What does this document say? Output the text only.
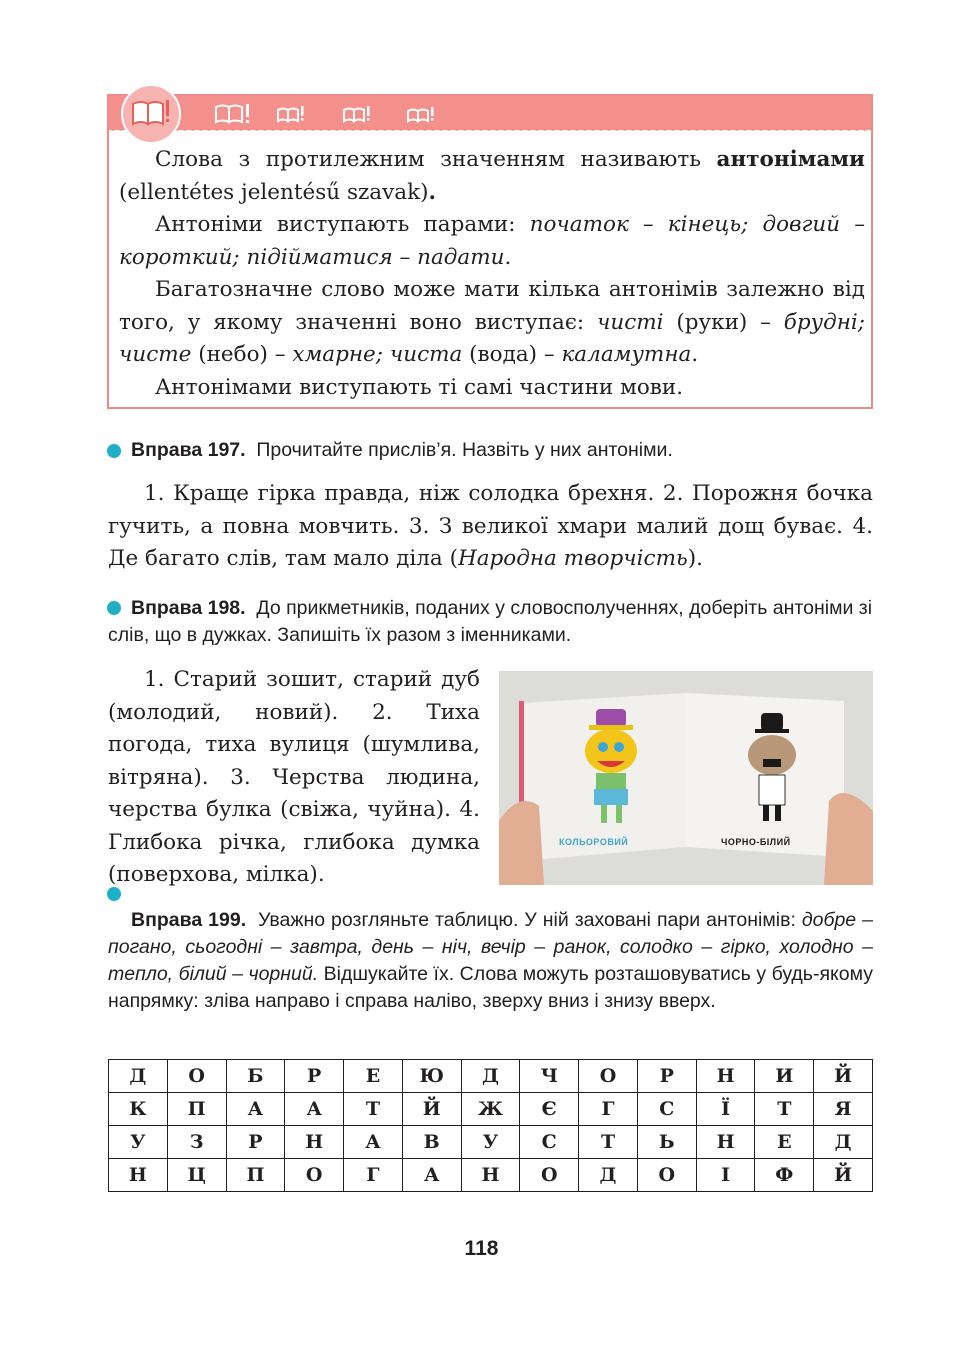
Слова з протилежним значенням називають антонімами (ellentétes jelentésű szavak).

Антоніми виступають парами: початок – кінець; довгий – короткий; підійматися – падати.

Багатозначне слово може мати кілька антонімів залежно від того, у якому значенні воно виступає: чисті (руки) – брудні; чисте (небо) – хмарне; чиста (вода) – каламутна.

Антонімами виступають ті самі частини мови.

Вправа 197. Прочитайте прислів’я. Назвіть у них антоніми.

1. Краще гірка правда, ніж солодка брехня. 2. Порожня бочка гучить, а повна мовчить. 3. З великої хмари малий дощ буває. 4. Де багато слів, там мало діла (Народна творчість).

Вправа 198. До прикметників, поданих у словосполученнях, доберіть антоніми зі слів, що в дужках. Запишіть їх разом з іменниками.

1. Старий зошит, старий дуб (молодий, новий). 2. Тиха погода, тиха вулиця (шумлива, вітряна). 3. Черства людина, черства булка (свіжа, чуйна). 4. Глибока річка, глибока думка (поверхова, мілка).

КОЛЬОРОВИЙ	ЧОРНО-БІЛИЙ
Вправа 199. Уважно розгляньте таблицю. У ній заховані пари антонімів: добре – погано, сьогодні – завтра, день – ніч, вечір – ранок, солодко – гірко, холодно – тепло, білий – чорний. Відшукайте їх. Слова можуть розташовуватись у будь-якому напрямку: зліва направо і справа наліво, зверху вниз і знизу вверх.
Д	О	Б	Р	Е	Ю	Д	Ч	О	Р	Н	И	Й
К	П	А	А	Т	Й	Ж	Є	Г	С	Ї	Т	Я
У	З	Р	Н	А	В	У	С	Т	Ь	Н	Е	Д
Н	Ц	П	О	Г	А	Н	О	Д	О	І	Ф	Й
118
